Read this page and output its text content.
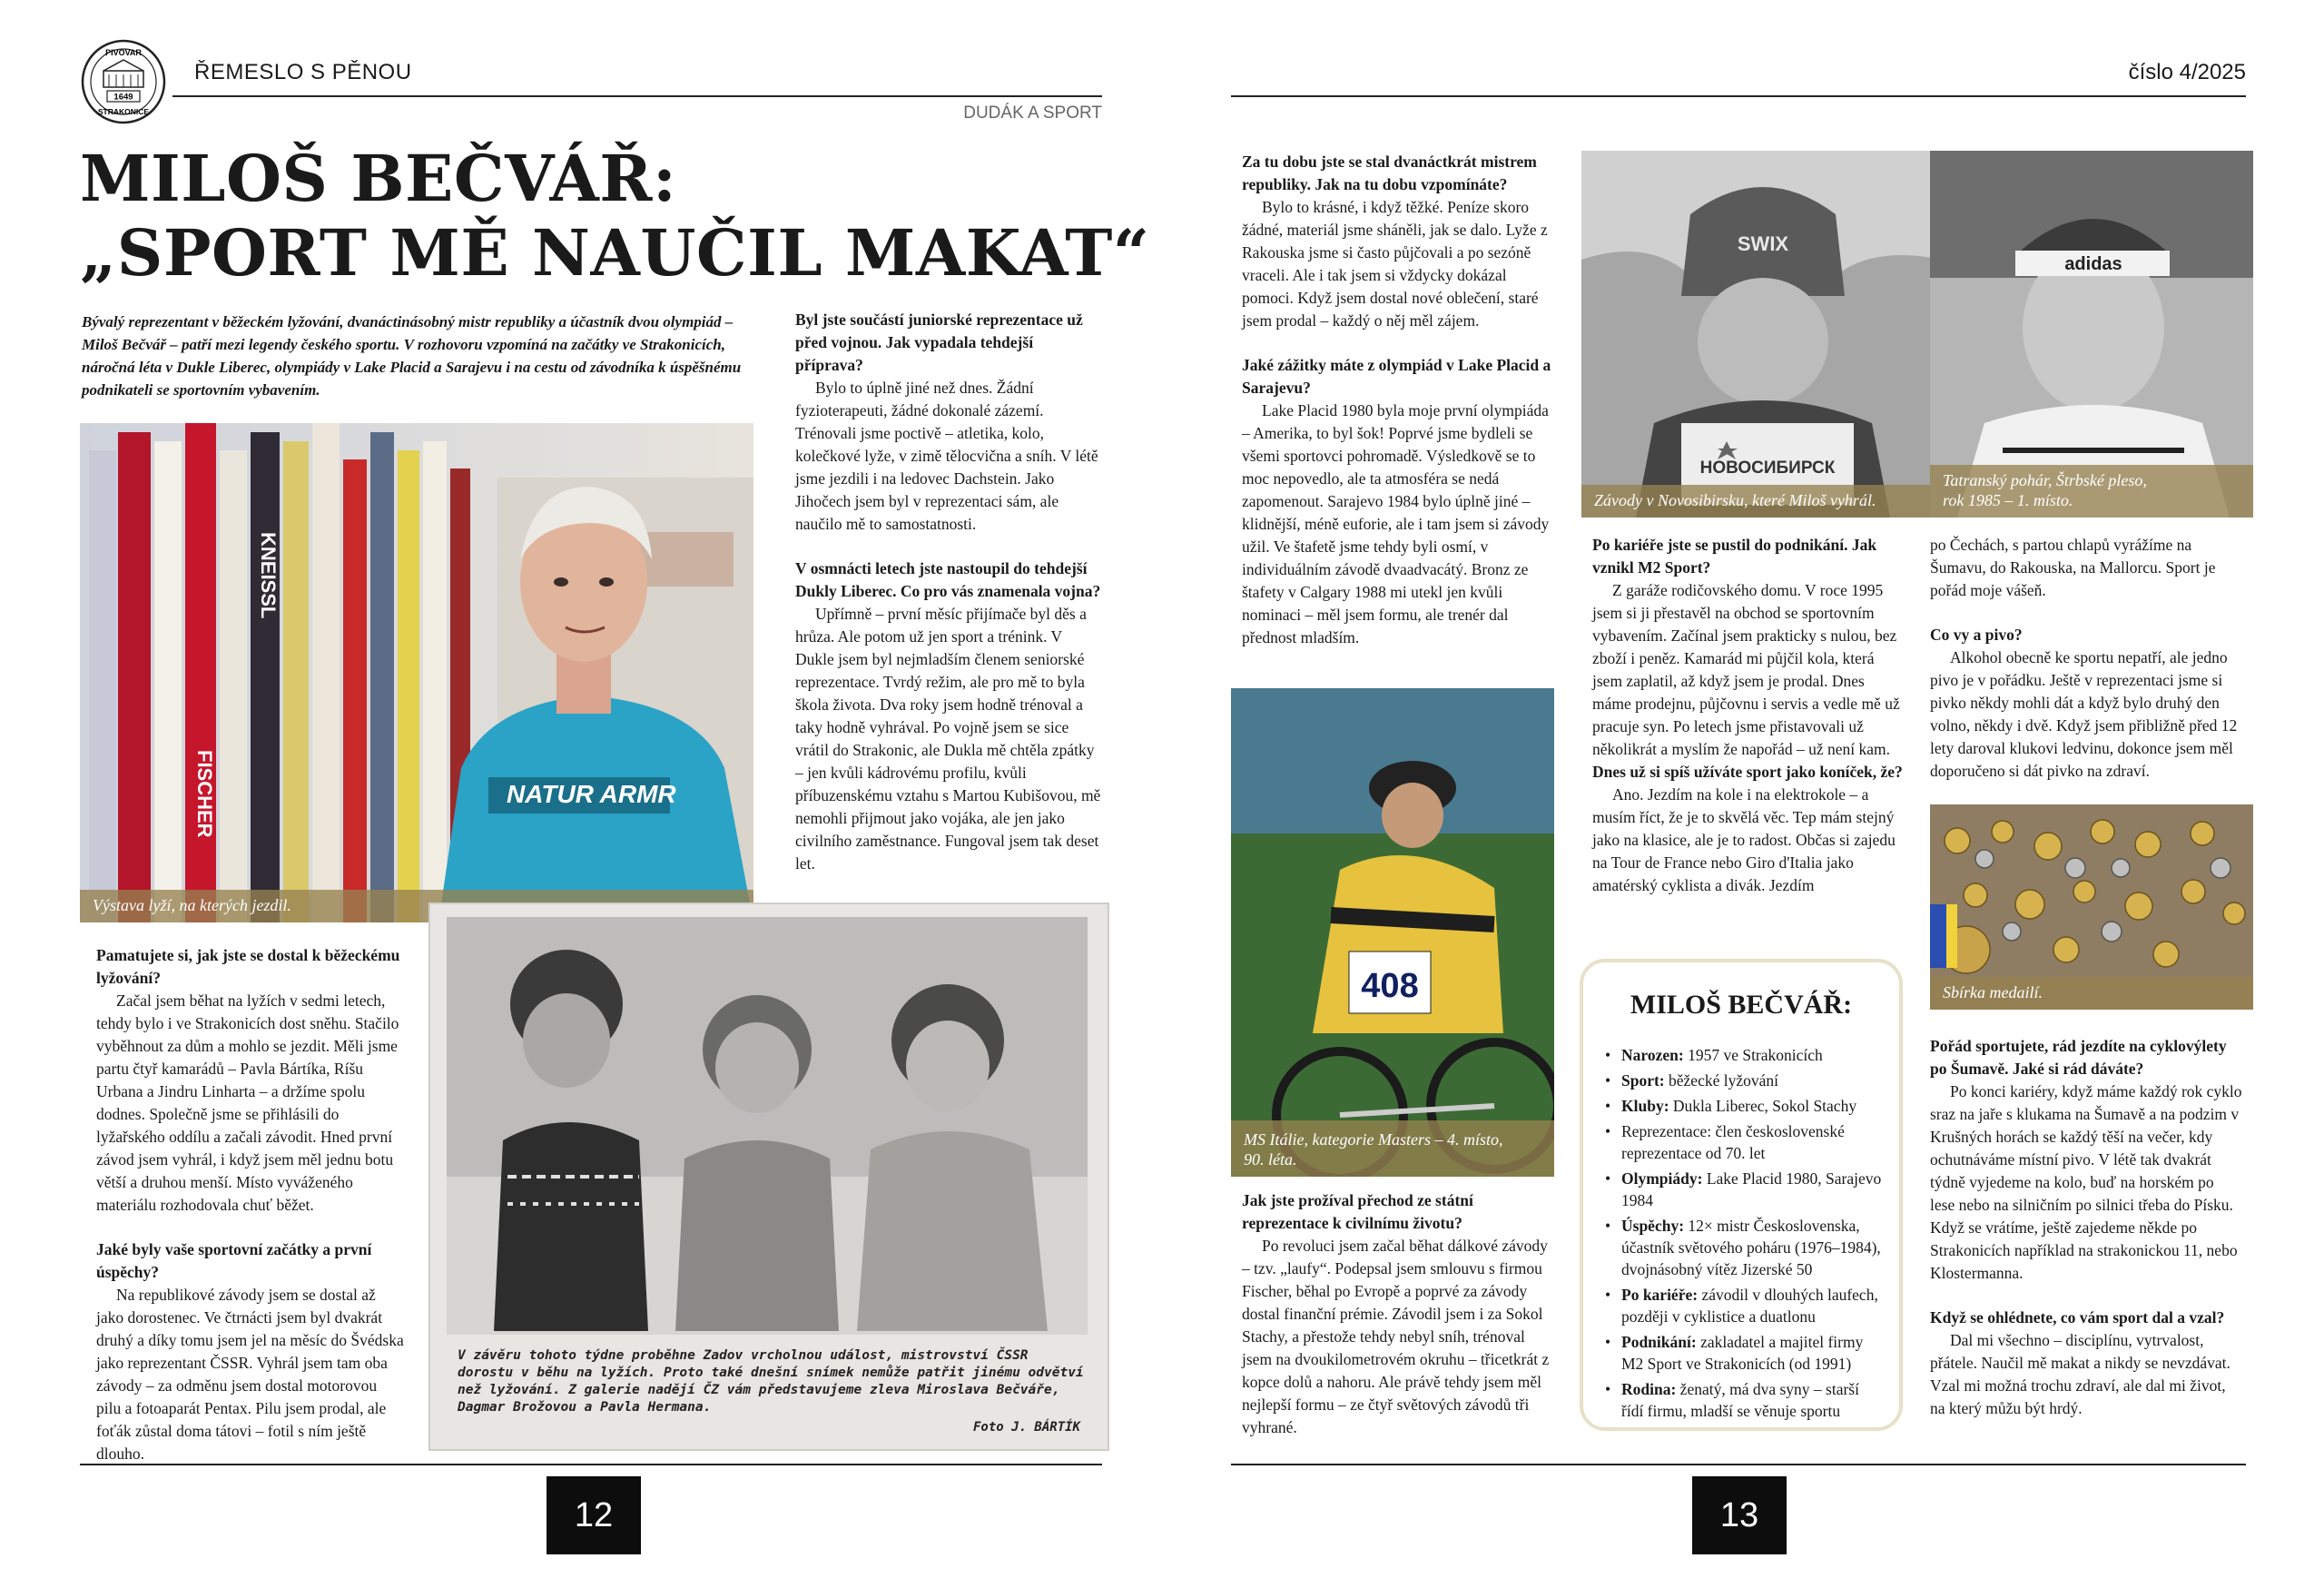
PIVOVAR
1649
STRAKONICE
ŘEMESLO S PĚNOU
DUDÁK A SPORT
číslo 4/2025
MILOŠ BEČVÁŘ:
„SPORT MĚ NAUČIL MAKAT“
Bývalý reprezentant v běžeckém lyžování, dvanáctinásobný mistr republiky a účastník dvou olympiád – Miloš Bečvář – patří mezi legendy českého sportu. V rozhovoru vzpomíná na začátky ve Strakonicích, náročná léta v Dukle Liberec, olympiády v Lake Placid a Sarajevu i na cestu od závodníka k úspěšnému podnikateli se sportovním vybavením.
FISCHER
KNEISSL
NATUR ARMR
Výstava lyží, na kterých jezdil.

Pamatujete si, jak jste se dostal k běžeckému lyžování?

Začal jsem běhat na lyžích v sedmi letech, tehdy bylo i ve Strakonicích dost sněhu. Stačilo vyběhnout za dům a mohlo se jezdit. Měli jsme partu čtyř kamarádů – Pavla Bártíka, Ríšu Urbana a Jindru Linharta – a držíme spolu dodnes. Společně jsme se přihlásili do lyžařského oddílu a začali závodit. Hned první závod jsem vyhrál, i když jsem měl jednu botu větší a druhou menší. Místo vyváženého materiálu rozhodovala chuť běžet.

Jaké byly vaše sportovní začátky a první úspěchy?

Na republikové závody jsem se dostal až jako dorostenec. Ve čtrnácti jsem byl dvakrát druhý a díky tomu jsem jel na měsíc do Švédska jako reprezentant ČSSR. Vyhrál jsem tam oba závody – za odměnu jsem dostal motorovou pilu a fotoaparát Pentax. Pilu jsem prodal, ale foťák zůstal doma tátovi – fotil s ním ještě dlouho.

V závěru tohoto týdne proběhne Zadov vrcholnou událost, mistrovství ČSSR dorostu v běhu na lyžích. Proto také dnešní snímek nemůže patřit jinému odvětví než lyžování. Z galerie nadějí ČZ vám představujeme zleva Miroslava Bečváře, Dagmar Brožovou a Pavla Hermana.
Foto J. BÁRTÍK

Byl jste součástí juniorské reprezentace už před vojnou. Jak vypadala tehdejší příprava?

Bylo to úplně jiné než dnes. Žádní fyzioterapeuti, žádné dokonalé zázemí. Trénovali jsme poctivě – atletika, kolo, kolečkové lyže, v zimě tělocvična a sníh. V létě jsme jezdili i na ledovec Dachstein. Jako Jihočech jsem byl v reprezentaci sám, ale naučilo mě to samostatnosti.

V osmnácti letech jste nastoupil do tehdejší Dukly Liberec. Co pro vás znamenala vojna?

Upřímně – první měsíc přijímače byl děs a hrůza. Ale potom už jen sport a trénink. V Dukle jsem byl nejmladším členem seniorské reprezentace. Tvrdý režim, ale pro mě to byla škola života. Dva roky jsem hodně trénoval a taky hodně vyhrával. Po vojně jsem se sice vrátil do Strakonic, ale Dukla mě chtěla zpátky – jen kvůli kádrovému profilu, kvůli příbuzenskému vztahu s Martou Kubišovou, mě nemohli přijmout jako vojáka, ale jen jako civilního zaměstnance. Fungoval jsem tak deset let.

12

Za tu dobu jste se stal dvanáctkrát mistrem republiky. Jak na tu dobu vzpomínáte?

Bylo to krásné, i když těžké. Peníze skoro žádné, materiál jsme sháněli, jak se dalo. Lyže z Rakouska jsme si často půjčovali a po sezóně vraceli. Ale i tak jsem si vždycky dokázal pomoci. Když jsem dostal nové oblečení, staré jsem prodal – každý o něj měl zájem.

Jaké zážitky máte z olympiád v Lake Placid a Sarajevu?

Lake Placid 1980 byla moje první olympiáda – Amerika, to byl šok! Poprvé jsme bydleli se všemi sportovci pohromadě. Výsledkově se to moc nepovedlo, ale ta atmosféra se nedá zapomenout. Sarajevo 1984 bylo úplně jiné – klidnější, méně euforie, ale i tam jsem si závody užil. Ve štafetě jsme tehdy byli osmí, v individuálním závodě dvaadvacátý. Bronz ze štafety v Calgary 1988 mi utekl jen kvůli nominaci – měl jsem formu, ale trenér dal přednost mladším.

408
MS Itálie, kategorie Masters – 4. místo,
90. léta.

Jak jste prožíval přechod ze státní reprezentace k civilnímu životu?

Po revoluci jsem začal běhat dálkové závody – tzv. „laufy“. Podepsal jsem smlouvu s firmou Fischer, běhal po Evropě a poprvé za závody dostal finanční prémie. Závodil jsem i za Sokol Stachy, a přestože tehdy nebyl sníh, trénoval jsem na dvoukilometrovém okruhu – třicetkrát z kopce dolů a nahoru. Ale právě tehdy jsem měl nejlepší formu – ze čtyř světových závodů tři vyhrané.

SWIX
НОВОСИБИРСК
Závody v Novosibirsku, které Miloš vyhrál.

Po kariéře jste se pustil do podnikání. Jak vznikl M2 Sport?

Z garáže rodičovského domu. V roce 1995 jsem si ji přestavěl na obchod se sportovním vybavením. Začínal jsem prakticky s nulou, bez zboží i peněz. Kamarád mi půjčil kola, která jsem zaplatil, až když jsem je prodal. Dnes máme prodejnu, půjčovnu i servis a vedle mě už pracuje syn. Po letech jsme přistavovali už několikrát a myslím že napořád – už není kam.

Dnes už si spíš užíváte sport jako koníček, že?

Ano. Jezdím na kole i na elektrokole – a musím říct, že je to skvělá věc. Tep mám stejný jako na klasice, ale je to radost. Občas si zajedu na Tour de France nebo Giro d'Italia jako amatérský cyklista a divák. Jezdím

MILOŠ BEČVÁŘ:
• Narozen: 1957 ve Strakonicích
• Sport: běžecké lyžování
• Kluby: Dukla Liberec, Sokol Stachy
• Reprezentace: člen československé reprezentace od 70. let
• Olympiády: Lake Placid 1980, Sarajevo 1984
• Úspěchy: 12× mistr Československa, účastník světového poháru (1976–1984), dvojnásobný vítěz Jizerské 50
• Po kariéře: závodil v dlouhých laufech, později v cyklistice a duatlonu
• Podnikání: zakladatel a majitel firmy M2 Sport ve Strakonicích (od 1991)
• Rodina: ženatý, má dva syny – starší řídí firmu, mladší se věnuje sportu
adidas
Tatranský pohár, Štrbské pleso,
rok 1985 – 1. místo.

po Čechách, s partou chlapů vyrážíme na Šumavu, do Rakouska, na Mallorcu. Sport je pořád moje vášeň.

Co vy a pivo?

Alkohol obecně ke sportu nepatří, ale jedno pivo je v pořádku. Ještě v reprezentaci jsme si pivko někdy mohli dát a když bylo druhý den volno, někdy i dvě. Když jsem přibližně před 12 lety daroval klukovi ledvinu, dokonce jsem měl doporučeno si dát pivko na zdraví.

Sbírka medailí.

Pořád sportujete, rád jezdíte na cyklovýlety po Šumavě. Jaké si rád dáváte?

Po konci kariéry, když máme každý rok cyklo sraz na jaře s klukama na Šumavě a na podzim v Krušných horách se každý těší na večer, kdy ochutnáváme místní pivo. V létě tak dvakrát týdně vyjedeme na kolo, buď na horském po lese nebo na silničním po silnici třeba do Písku. Když se vrátíme, ještě zajedeme někde po Strakonicích například na strakonickou 11, nebo Klostermanna.

Když se ohlédnete, co vám sport dal a vzal?

Dal mi všechno – disciplínu, vytrvalost, přátele. Naučil mě makat a nikdy se nevzdávat. Vzal mi možná trochu zdraví, ale dal mi život, na který můžu být hrdý.

13
